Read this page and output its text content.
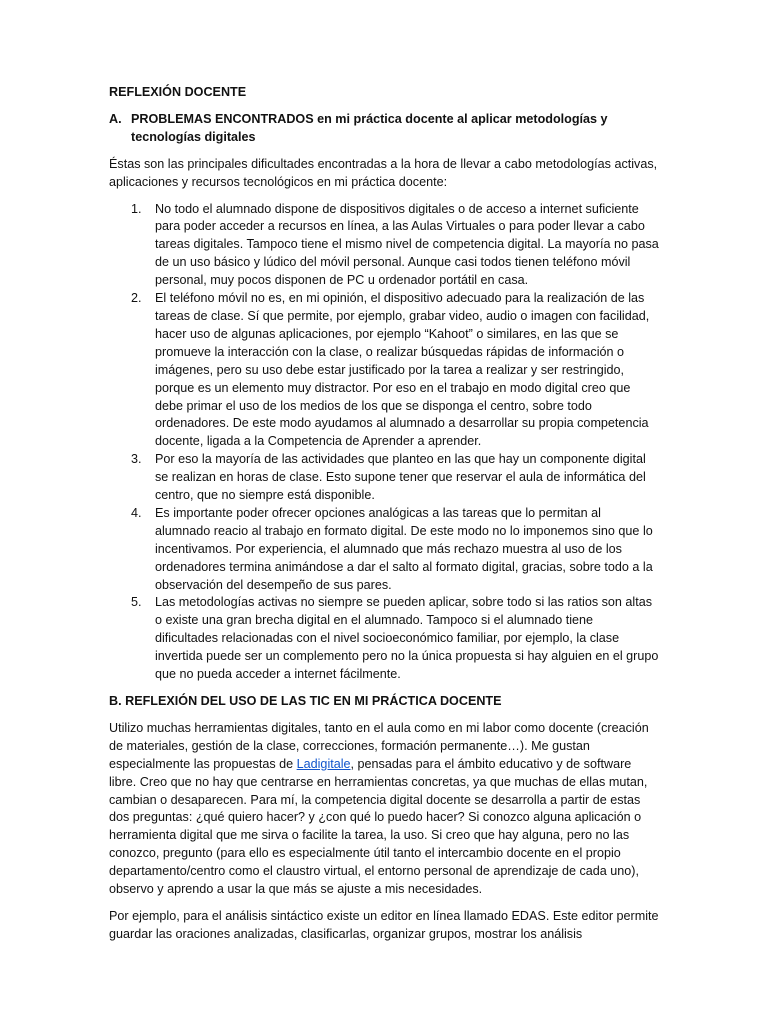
REFLEXIÓN DOCENTE
A. PROBLEMAS ENCONTRADOS en mi práctica docente al aplicar metodologías y tecnologías digitales

Éstas son las principales dificultades encontradas a la hora de llevar a cabo metodologías activas, aplicaciones y recursos tecnológicos en mi práctica docente:

1.	No todo el alumnado dispone de dispositivos digitales o de acceso a internet suficiente para poder acceder a recursos en línea, a las Aulas Virtuales o para poder llevar a cabo tareas digitales. Tampoco tiene el mismo nivel de competencia digital. La mayoría no pasa de un uso básico y lúdico del móvil personal. Aunque casi todos tienen teléfono móvil personal, muy pocos disponen de PC u ordenador portátil en casa.
2.	El teléfono móvil no es, en mi opinión, el dispositivo adecuado para la realización de las tareas de clase. Sí que permite, por ejemplo, grabar video, audio o imagen con facilidad, hacer uso de algunas aplicaciones, por ejemplo “Kahoot” o similares, en las que se promueve la interacción con la clase, o realizar búsquedas rápidas de información o imágenes, pero su uso debe estar justificado por la tarea a realizar y ser restringido, porque es un elemento muy distractor. Por eso en el trabajo en modo digital creo que debe primar el uso de los medios de los que se disponga el centro, sobre todo ordenadores. De este modo ayudamos al alumnado a desarrollar su propia competencia docente, ligada a la Competencia de Aprender a aprender.
3.	Por eso la mayoría de las actividades que planteo en las que hay un componente digital se realizan en horas de clase. Esto supone tener que reservar el aula de informática del centro, que no siempre está disponible.
4.	Es importante poder ofrecer opciones analógicas a las tareas que lo permitan al alumnado reacio al trabajo en formato digital. De este modo no lo imponemos sino que lo incentivamos. Por experiencia, el alumnado que más rechazo muestra al uso de los ordenadores termina animándose a dar el salto al formato digital, gracias, sobre todo a la observación del desempeño de sus pares.
5.	Las metodologías activas no siempre se pueden aplicar, sobre todo si las ratios son altas o existe una gran brecha digital en el alumnado. Tampoco si el alumnado tiene dificultades relacionadas con el nivel socioeconómico familiar, por ejemplo, la clase invertida puede ser un complemento pero no la única propuesta si hay alguien en el grupo que no pueda acceder a internet fácilmente.
B. REFLEXIÓN DEL USO DE LAS TIC EN MI PRÁCTICA DOCENTE

Utilizo muchas herramientas digitales, tanto en el aula como en mi labor como docente (creación de materiales, gestión de la clase, correcciones, formación permanente…). Me gustan especialmente las propuestas de Ladigitale, pensadas para el ámbito educativo y de software libre. Creo que no hay que centrarse en herramientas concretas, ya que muchas de ellas mutan, cambian o desaparecen. Para mí, la competencia digital docente se desarrolla a partir de estas dos preguntas: ¿qué quiero hacer? y ¿con qué lo puedo hacer? Si conozco alguna aplicación o herramienta digital que me sirva o facilite la tarea, la uso. Si creo que hay alguna, pero no las conozco, pregunto (para ello es especialmente útil tanto el intercambio docente en el propio departamento/centro como el claustro virtual, el entorno personal de aprendizaje de cada uno), observo y aprendo a usar la que más se ajuste a mis necesidades.

Por ejemplo, para el análisis sintáctico existe un editor en línea llamado EDAS. Este editor permite guardar las oraciones analizadas, clasificarlas, organizar grupos, mostrar los análisis
